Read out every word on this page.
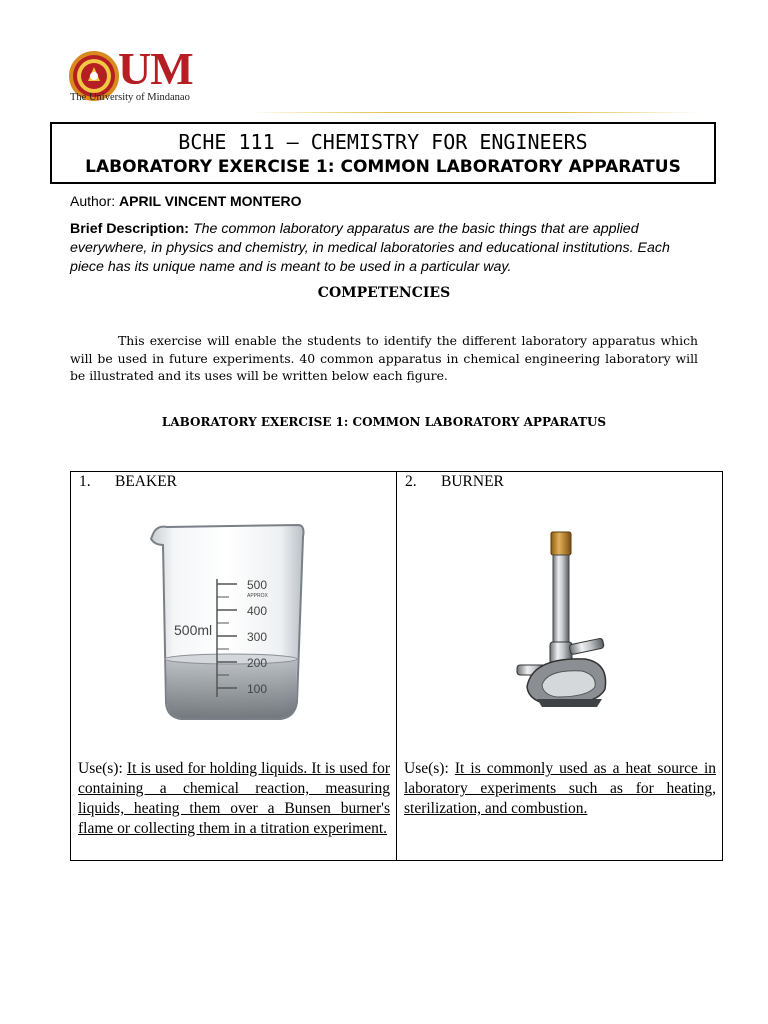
UM
The University of Mindanao
BCHE 111 – CHEMISTRY FOR ENGINEERS
LABORATORY EXERCISE 1: COMMON LABORATORY APPARATUS
Author: APRIL VINCENT MONTERO
Brief Description: The common laboratory apparatus are the basic things that are applied everywhere, in physics and chemistry, in medical laboratories and educational institutions. Each piece has its unique name and is meant to be used in a particular way.
COMPETENCIES
This exercise will enable the students to identify the different laboratory apparatus which will be used in future experiments. 40 common apparatus in chemical engineering laboratory will be illustrated and its uses will be written below each figure.
LABORATORY EXERCISE 1: COMMON LABORATORY APPARATUS
1. BEAKER
500
APPROX
400
300
200
100
500ml
Use(s): It is used for holding liquids. It is used for containing a chemical reaction, measuring liquids, heating them over a Bunsen burner's flame or collecting them in a titration experiment.

2. BURNER
Use(s): It is commonly used as a heat source in laboratory experiments such as for heating, sterilization, and combustion.
